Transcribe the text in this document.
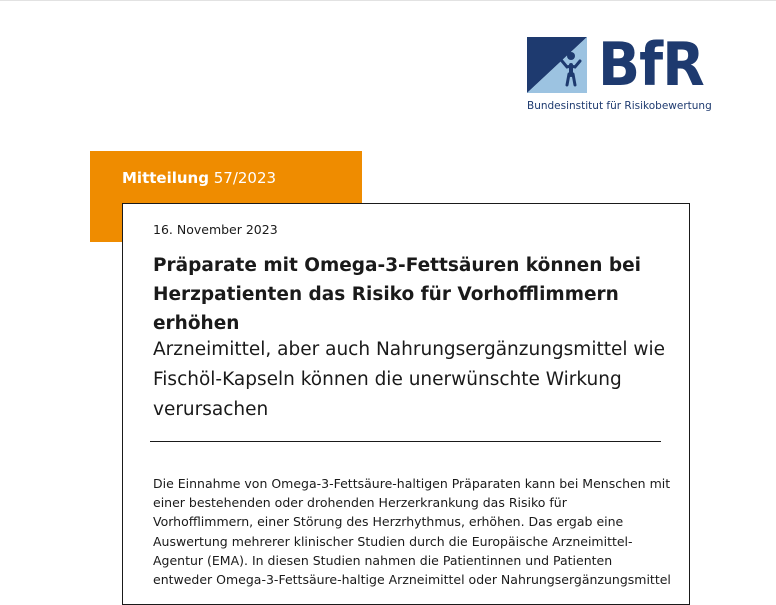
BfR
Bundesinstitut für Risikobewertung
Mitteilung 57/2023
16. November 2023
Präparate mit Omega-3-Fettsäuren können bei Herzpatienten das Risiko für Vorhofflimmern erhöhen
Arzneimittel, aber auch Nahrungsergänzungsmittel wie Fischöl-Kapseln können die unerwünschte Wirkung verursachen

Die Einnahme von Omega-3-Fettsäure-haltigen Präparaten kann bei Menschen mit
einer bestehenden oder drohenden Herzerkrankung das Risiko für
Vorhofflimmern, einer Störung des Herzrhythmus, erhöhen. Das ergab eine
Auswertung mehrerer klinischer Studien durch die Europäische Arzneimittel-
Agentur (EMA). In diesen Studien nahmen die Patientinnen und Patienten
entweder Omega-3-Fettsäure-haltige Arzneimittel oder Nahrungsergänzungsmittel
